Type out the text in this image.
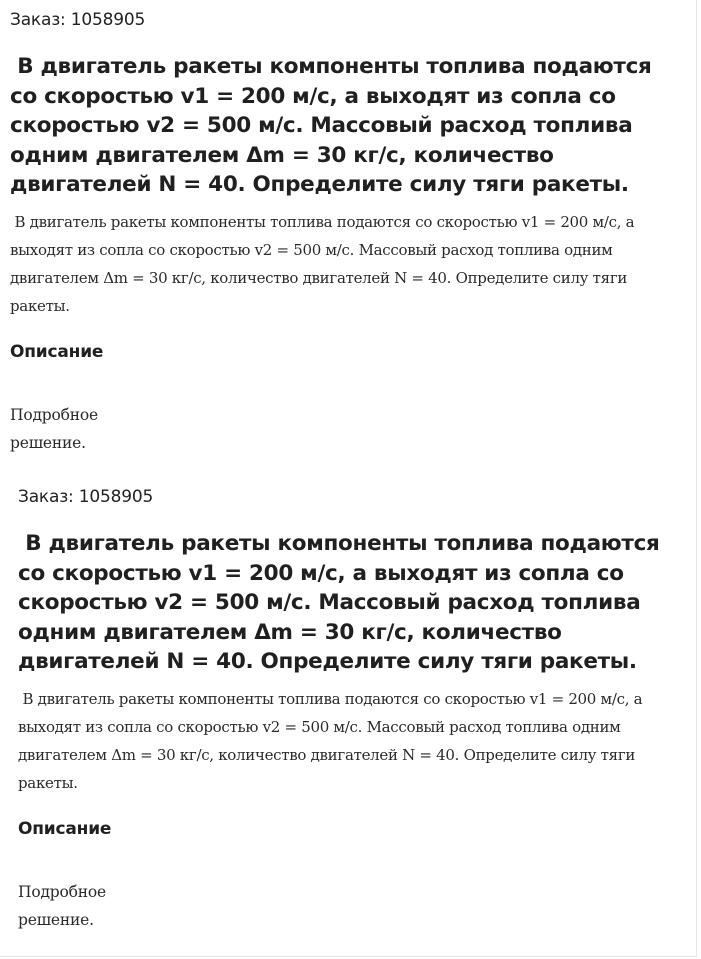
Заказ: 1058905
В двигатель ракеты компоненты топлива подаются со скоростью v1 = 200 м/с, а выходят из сопла со скоростью v2 = 500 м/с. Массовый расход топлива одним двигателем Δm = 30 кг/с, количество двигателей N = 40. Определите силу тяги ракеты.
В двигатель ракеты компоненты топлива подаются со скоростью v1 = 200 м/с, а выходят из сопла со скоростью v2 = 500 м/с. Массовый расход топлива одним двигателем Δm = 30 кг/с, количество двигателей N = 40. Определите силу тяги ракеты.
Описание
Подробное решение.
Заказ: 1058905
В двигатель ракеты компоненты топлива подаются со скоростью v1 = 200 м/с, а выходят из сопла со скоростью v2 = 500 м/с. Массовый расход топлива одним двигателем Δm = 30 кг/с, количество двигателей N = 40. Определите силу тяги ракеты.
В двигатель ракеты компоненты топлива подаются со скоростью v1 = 200 м/с, а выходят из сопла со скоростью v2 = 500 м/с. Массовый расход топлива одним двигателем Δm = 30 кг/с, количество двигателей N = 40. Определите силу тяги ракеты.
Описание
Подробное решение.
